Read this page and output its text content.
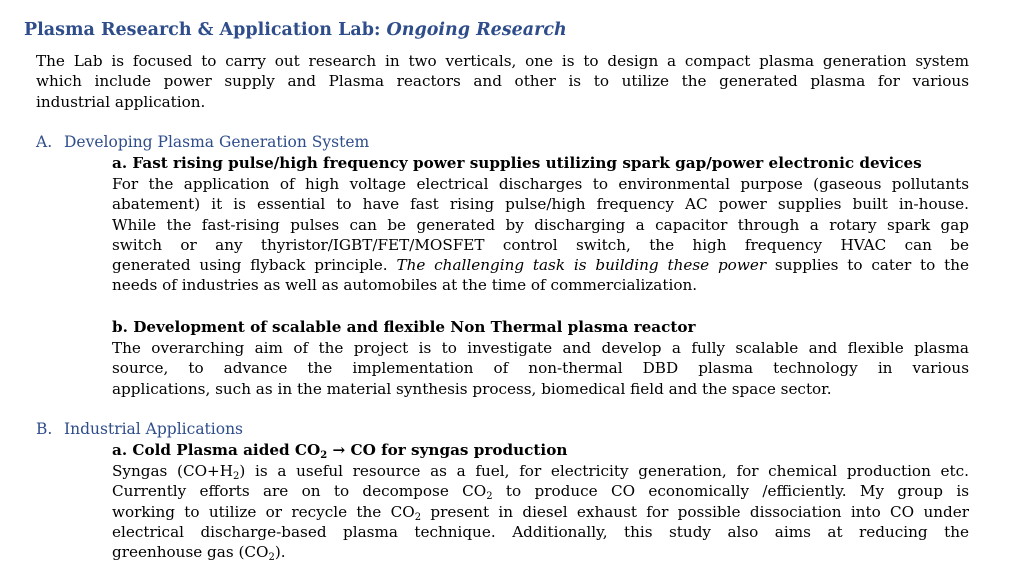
Plasma Research & Application Lab: Ongoing Research
The Lab is focused to carry out research in two verticals, one is to design a compact plasma generation system
which include power supply and Plasma reactors and other is to utilize the generated plasma for various
industrial application.
A. Developing Plasma Generation System
a. Fast rising pulse/high frequency power supplies utilizing spark gap/power electronic devices
For the application of high voltage electrical discharges to environmental purpose (gaseous pollutants
abatement) it is essential to have fast rising pulse/high frequency AC power supplies built in-house.
While the fast-rising pulses can be generated by discharging a capacitor through a rotary spark gap
switch or any thyristor/IGBT/FET/MOSFET control switch, the high frequency HVAC can be
generated using flyback principle. The challenging task is building these power supplies to cater to the
needs of industries as well as automobiles at the time of commercialization.
b. Development of scalable and flexible Non Thermal plasma reactor
The overarching aim of the project is to investigate and develop a fully scalable and flexible plasma
source, to advance the implementation of non-thermal DBD plasma technology in various
applications, such as in the material synthesis process, biomedical field and the space sector.
B. Industrial Applications
a. Cold Plasma aided $CO_2$ → CO for syngas production
Syngas $(CO+H_2)$ is a useful resource as a fuel, for electricity generation, for chemical production etc.
Currently efforts are on to decompose $CO_2$ to produce CO economically /efficiently. My group is
working to utilize or recycle the $CO_2$ present in diesel exhaust for possible dissociation into CO under
electrical discharge-based plasma technique. Additionally, this study also aims at reducing the
greenhouse gas $(CO_2)$.
